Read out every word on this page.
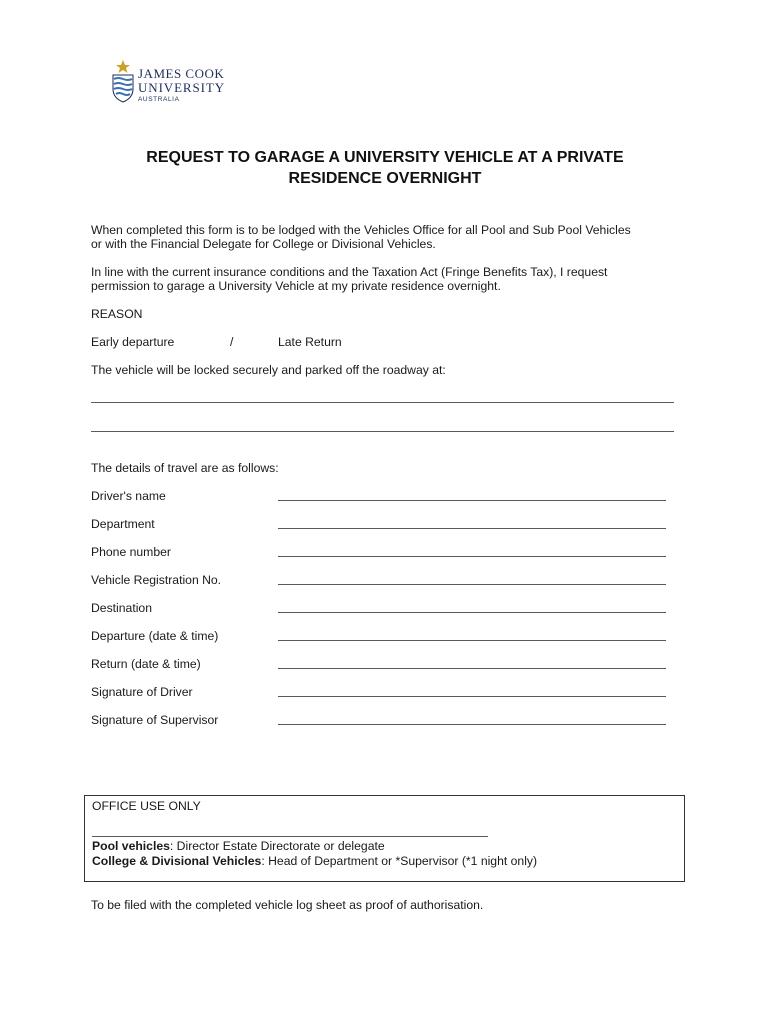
JAMES COOK
UNIVERSITY
AUSTRALIA
REQUEST TO GARAGE A UNIVERSITY VEHICLE AT A PRIVATE
RESIDENCE OVERNIGHT
When completed this form is to be lodged with the Vehicles Office for all Pool and Sub Pool Vehicles
or with the Financial Delegate for College or Divisional Vehicles.
In line with the current insurance conditions and the Taxation Act (Fringe Benefits Tax), I request
permission to garage a University Vehicle at my private residence overnight.
REASON
Early departure	/	Late Return
The vehicle will be locked securely and parked off the roadway at:
The details of travel are as follows:
Driver's name
Department
Phone number
Vehicle Registration No.
Destination
Departure (date & time)
Return (date & time)
Signature of Driver
Signature of Supervisor
OFFICE USE ONLY
Pool vehicles: Director Estate Directorate or delegate
College & Divisional Vehicles: Head of Department or *Supervisor (*1 night only)
To be filed with the completed vehicle log sheet as proof of authorisation.
